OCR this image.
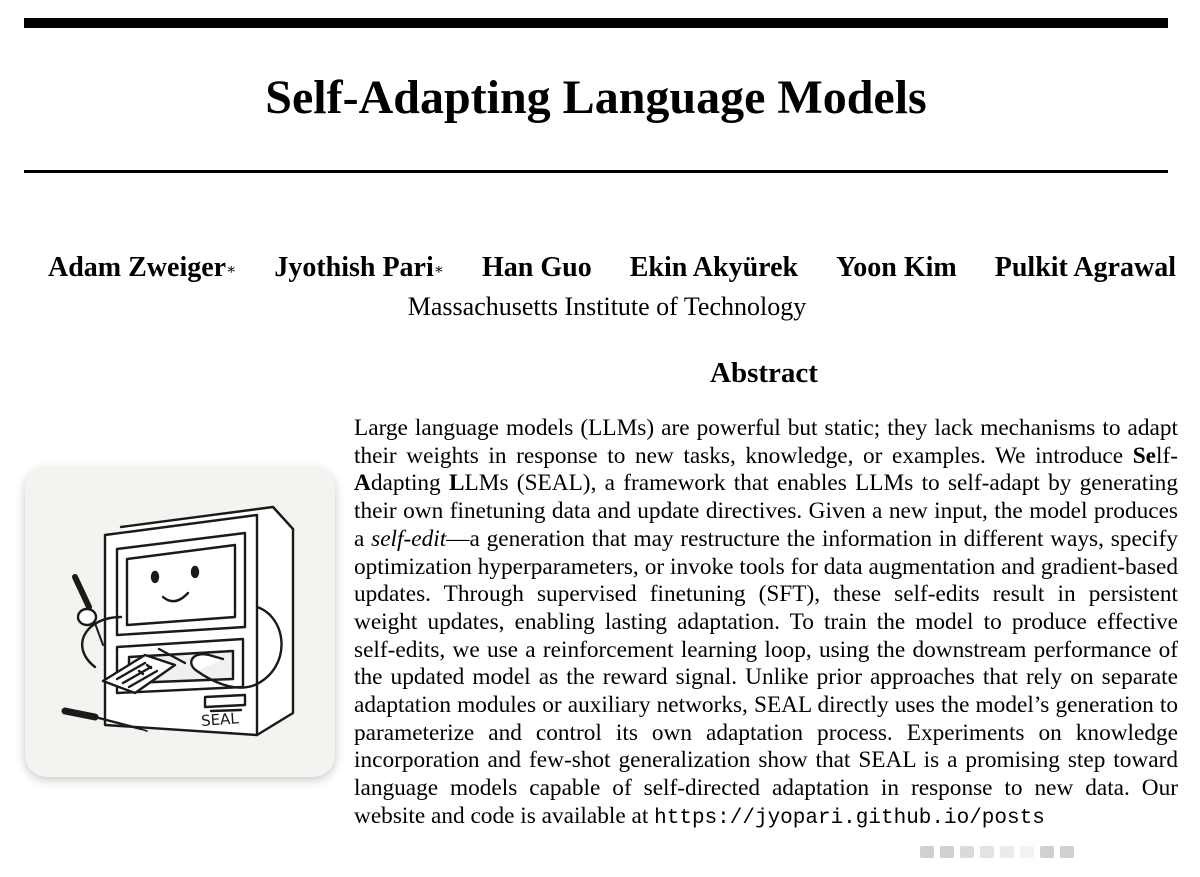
Self-Adapting Language Models
Adam Zweiger∗ Jyothish Pari∗ Han Guo Ekin Akyürek Yoon Kim Pulkit Agrawal
Massachusetts Institute of Technology
Abstract

Large language models (LLMs) are powerful but static; they lack mechanisms to adapt their weights in response to new tasks, knowledge, or examples. We introduce Self-Adapting LLMs (SEAL), a framework that enables LLMs to self-adapt by generating their own finetuning data and update directives. Given a new input, the model produces a self-edit—a generation that may restructure the information in different ways, specify optimization hyperparameters, or invoke tools for data augmentation and gradient-based updates. Through supervised finetuning (SFT), these self-edits result in persistent weight updates, enabling lasting adaptation. To train the model to produce effective self-edits, we use a reinforcement learning loop, using the downstream performance of the updated model as the reward signal. Unlike prior approaches that rely on separate adaptation modules or auxiliary networks, SEAL directly uses the model’s generation to parameterize and control its own adaptation process. Experiments on knowledge incorporation and few-shot generalization show that SEAL is a promising step toward language models capable of self-directed adaptation in response to new data. Our website and code is available at https://jyopari.github.io/posts

SEAL
